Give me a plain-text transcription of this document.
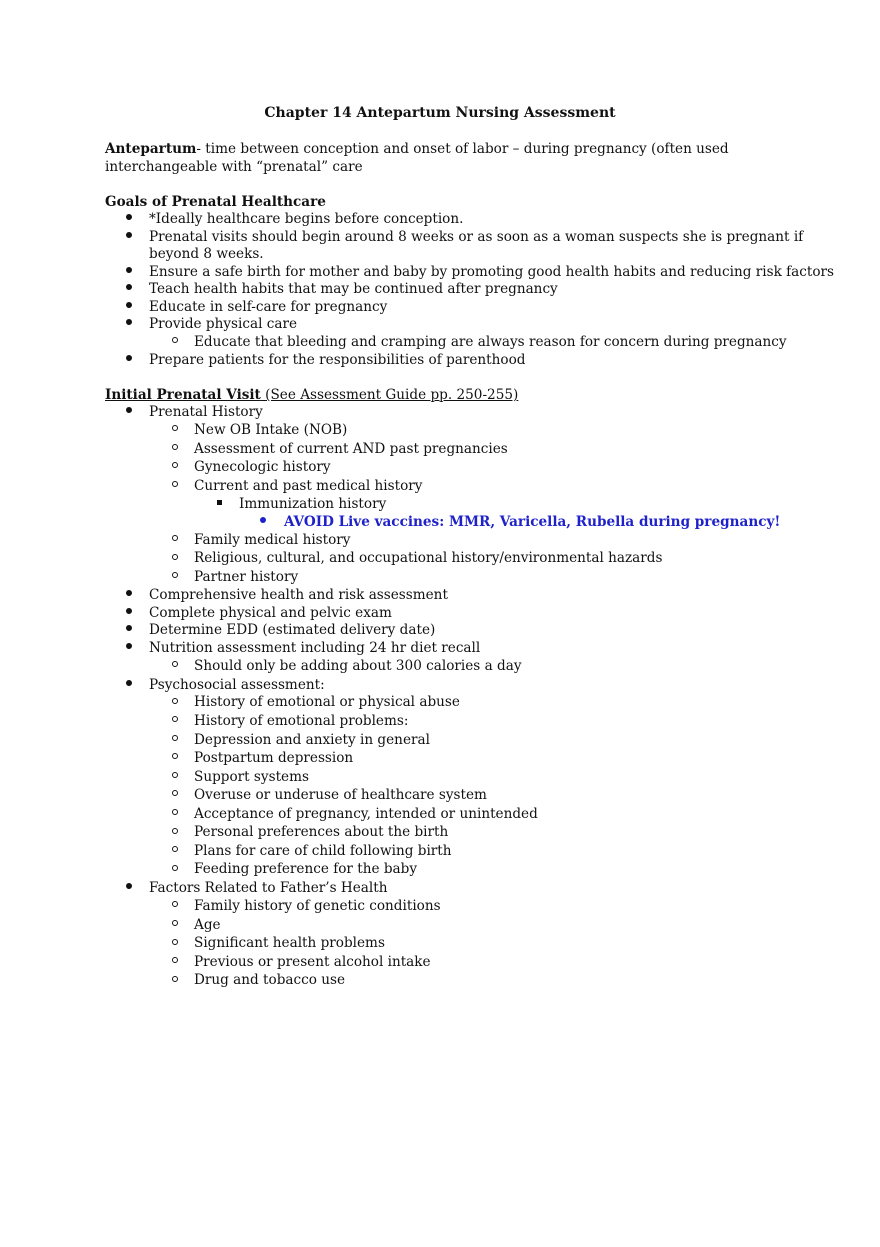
Chapter 14 Antepartum Nursing Assessment
Antepartum- time between conception and onset of labor – during pregnancy (often used
interchangeable with “prenatal” care
Goals of Prenatal Healthcare
*Ideally healthcare begins before conception.
Prenatal visits should begin around 8 weeks or as soon as a woman suspects she is pregnant if
beyond 8 weeks.
Ensure a safe birth for mother and baby by promoting good health habits and reducing risk factors
Teach health habits that may be continued after pregnancy
Educate in self-care for pregnancy
Provide physical care
Educate that bleeding and cramping are always reason for concern during pregnancy
Prepare patients for the responsibilities of parenthood
Initial Prenatal Visit (See Assessment Guide pp. 250-255)
Prenatal History
New OB Intake (NOB)
Assessment of current AND past pregnancies
Gynecologic history
Current and past medical history
Immunization history
AVOID Live vaccines: MMR, Varicella, Rubella during pregnancy!
Family medical history
Religious, cultural, and occupational history/environmental hazards
Partner history
Comprehensive health and risk assessment
Complete physical and pelvic exam
Determine EDD (estimated delivery date)
Nutrition assessment including 24 hr diet recall
Should only be adding about 300 calories a day
Psychosocial assessment:
History of emotional or physical abuse
History of emotional problems:
Depression and anxiety in general
Postpartum depression
Support systems
Overuse or underuse of healthcare system
Acceptance of pregnancy, intended or unintended
Personal preferences about the birth
Plans for care of child following birth
Feeding preference for the baby
Factors Related to Father’s Health
Family history of genetic conditions
Age
Significant health problems
Previous or present alcohol intake
Drug and tobacco use
